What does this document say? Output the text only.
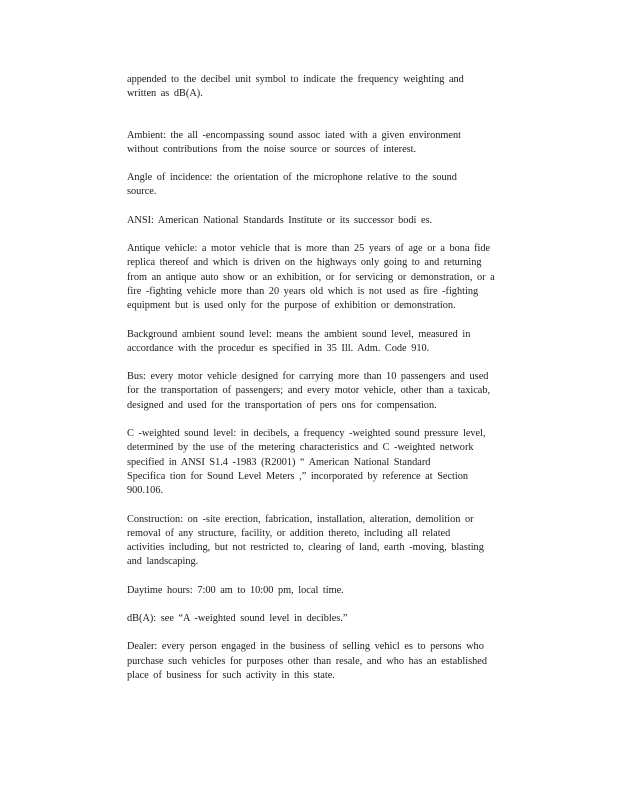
appended to the decibel unit symbol to indicate the frequency weighting and
written as dB(A).

Ambient: the all -encompassing sound assoc iated with a given environment
without contributions from the noise source or sources of interest.

Angle of incidence: the orientation of the microphone relative to the sound
source.

ANSI: American National Standards Institute or its successor bodi es.

Antique vehicle: a motor vehicle that is more than 25 years of age or a bona fide
replica thereof and which is driven on the highways only going to and returning
from an antique auto show or an exhibition, or for servicing or demonstration, or a
fire -fighting vehicle more than 20 years old which is not used as fire -fighting
equipment but is used only for the purpose of exhibition or demonstration.

Background ambient sound level: means the ambient sound level, measured in
accordance with the procedur es specified in 35 Ill. Adm. Code 910.

Bus: every motor vehicle designed for carrying more than 10 passengers and used
for the transportation of passengers; and every motor vehicle, other than a taxicab,
designed and used for the transportation of pers ons for compensation.

C -weighted sound level: in decibels, a frequency -weighted sound pressure level,
determined by the use of the metering characteristics and C -weighted network
specified in ANSI S1.4 -1983 (R2001) “ American National Standard
Specifica tion for Sound Level Meters ,” incorporated by reference at Section
900.106.

Construction: on -site erection, fabrication, installation, alteration, demolition or
removal of any structure, facility, or addition thereto, including all related
activities including, but not restricted to, clearing of land, earth -moving, blasting
and landscaping.

Daytime hours: 7:00 am to 10:00 pm, local time.

dB(A): see “A -weighted sound level in decibles.”

Dealer: every person engaged in the business of selling vehicl es to persons who
purchase such vehicles for purposes other than resale, and who has an established
place of business for such activity in this state.
